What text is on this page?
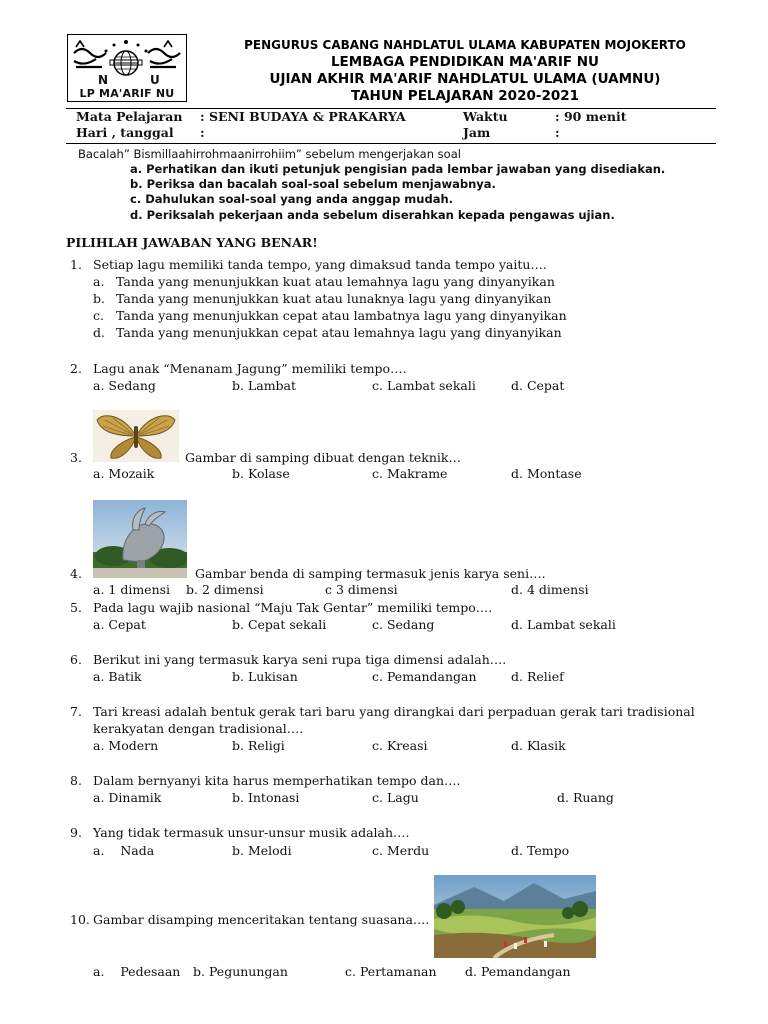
N	U
LP MA'ARIF NU
PENGURUS CABANG NAHDLATUL ULAMA KABUPATEN MOJOKERTO
LEMBAGA PENDIDIKAN MA'ARIF NU
UJIAN AKHIR MA'ARIF NAHDLATUL ULAMA (UAMNU)
TAHUN PELAJARAN 2020-2021
Mata Pelajaran : SENI BUDAYA & PRAKARYA	Waktu	: 90 menit
Hari , tanggal :	Jam	:
Bacalah” Bismillaahirrohmaanirrohiim” sebelum mengerjakan soal
a. Perhatikan dan ikuti petunjuk pengisian pada lembar jawaban yang disediakan.
b. Periksa dan bacalah soal-soal sebelum menjawabnya.
c. Dahulukan soal-soal yang anda anggap mudah.
d. Periksalah pekerjaan anda sebelum diserahkan kepada pengawas ujian.
PILIHLAH JAWABAN YANG BENAR!
1. Setiap lagu memiliki tanda tempo, yang dimaksud tanda tempo yaitu….
a. Tanda yang menunjukkan kuat atau lemahnya lagu yang dinyanyikan
b. Tanda yang menunjukkan kuat atau lunaknya lagu yang dinyanyikan
c. Tanda yang menunjukkan cepat atau lambatnya lagu yang dinyanyikan
d. Tanda yang menunjukkan cepat atau lemahnya lagu yang dinyanyikan
2. Lagu anak “Menanam Jagung” memiliki tempo….
a. Sedang	b. Lambat	c. Lambat sekali	d. Cepat
3.	Gambar di samping dibuat dengan teknik…
a. Mozaik	b. Kolase	c. Makrame	d. Montase
4.	Gambar benda di samping termasuk jenis karya seni….
a. 1 dimensi b. 2 dimensi	c 3 dimensi	d. 4 dimensi
5. Pada lagu wajib nasional “Maju Tak Gentar” memiliki tempo….
a. Cepat	b. Cepat sekali	c. Sedang	d. Lambat sekali
6. Berikut ini yang termasuk karya seni rupa tiga dimensi adalah….
a. Batik	b. Lukisan	c. Pemandangan	d. Relief
7. Tari kreasi adalah bentuk gerak tari baru yang dirangkai dari perpaduan gerak tari tradisional
kerakyatan dengan tradisional….
a. Modern	b. Religi	c. Kreasi	d. Klasik
8. Dalam bernyanyi kita harus memperhatikan tempo dan….
a. Dinamik	b. Intonasi	c. Lagu	d. Ruang
9. Yang tidak termasuk unsur-unsur musik adalah….
a.    Nada	b. Melodi	c. Merdu	d. Tempo
10. Gambar disamping menceritakan tentang suasana….
a.    Pedesaan b. Pegunungan	c. Pertamanan d. Pemandangan
